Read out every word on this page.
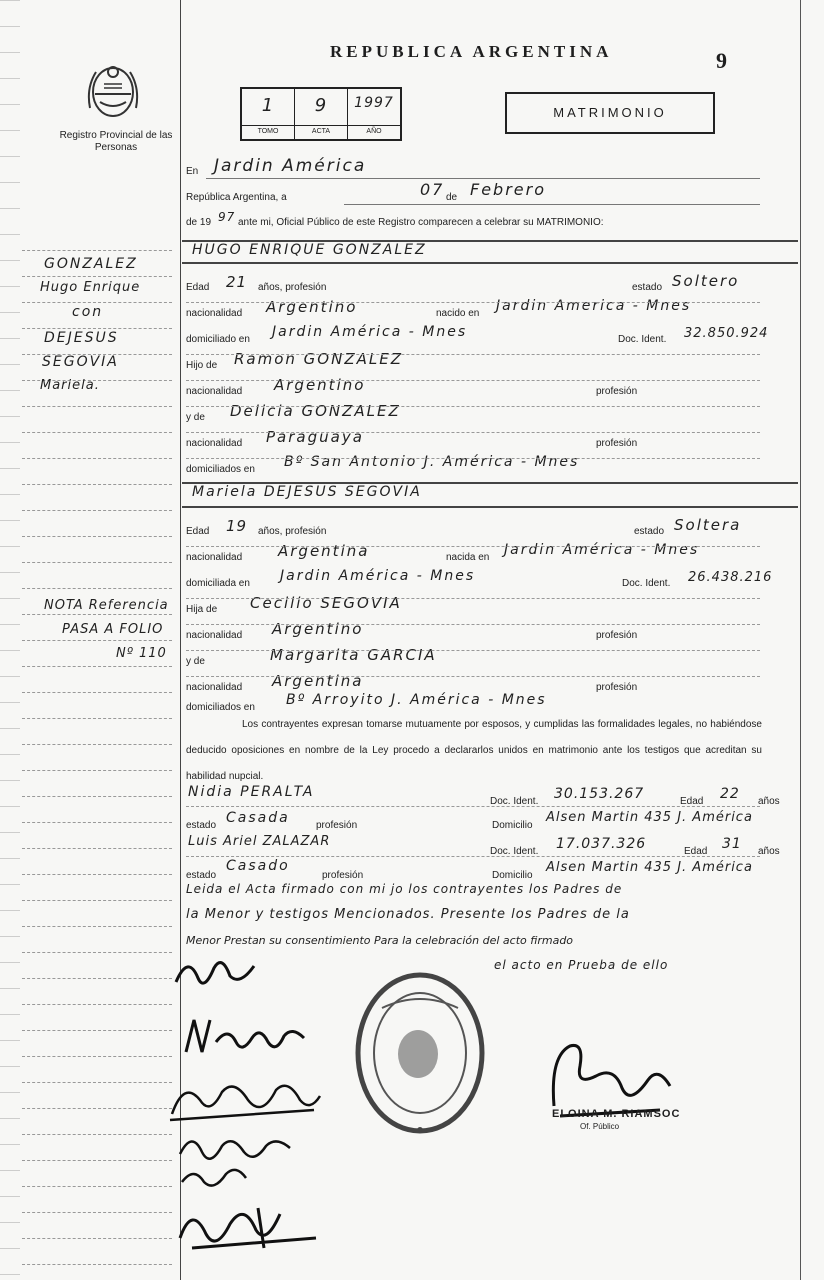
Registro Provincial de las Personas
REPUBLICA ARGENTINA	9
1	9	1997
TOMO	ACTA	AÑO
MATRIMONIO
En Jardin América
República Argentina, a	07 de Febrero
de 19 97 ante mi, Oficial Público de este Registro comparecen a celebrar su MATRIMONIO:
HUGO ENRIQUE GONZALEZ
Edad 21 años, profesión	estado Soltero
nacionalidad Argentino	nacido en Jardin America - Mnes
domiciliado en Jardin América - Mnes	Doc. Ident. 32.850.924
Hijo de Ramon GONZALEZ
nacionalidad Argentino	profesión
y de Delicia GONZALEZ
nacionalidad Paraguaya	profesión
domiciliados en Bº San Antonio J. América - Mnes
Mariela DEJESUS SEGOVIA
Edad 19 años, profesión	estado Soltera
nacionalidad Argentina	nacida en Jardin América - Mnes
domiciliada en Jardin América - Mnes	Doc. Ident. 26.438.216
Hija de Cecilio SEGOVIA
nacionalidad Argentino	profesión
y de	Margarita GARCIA
nacionalidad Argentina	profesión
domiciliados en Bº Arroyito J. América - Mnes
GONZALEZ
Hugo Enrique
con
DEJESUS
SEGOVIA
Mariela.
NOTA Referencia
PASA A FOLIO
Nº 110
Los contrayentes expresan tomarse mutuamente por esposos, y cumplidas las formalidades legales, no habiéndose deducido oposiciones en nombre de la Ley procedo a declararlos unidos en matrimonio ante los testigos que acreditan su habilidad nupcial.
Nidia PERALTA
Doc. Ident. 30.153.267	Edad 22 años
estado Casada	profesión	Domicilio
Alsen Martin 435 J. América
Luis Ariel ZALAZAR
Doc. Ident. 17.037.326	Edad 31 años
estado
Casado
profesión	Domicilio
Alsen Martin 435 J. América
Leida el Acta firmado con mi jo los contrayentes los Padres de
la Menor y testigos Mencionados. Presente los Padres de la
Menor Prestan su consentimiento Para la celebración del acto firmado
el acto en Prueba de ello
ELOINA M. RIAMSOC
Of. Público
